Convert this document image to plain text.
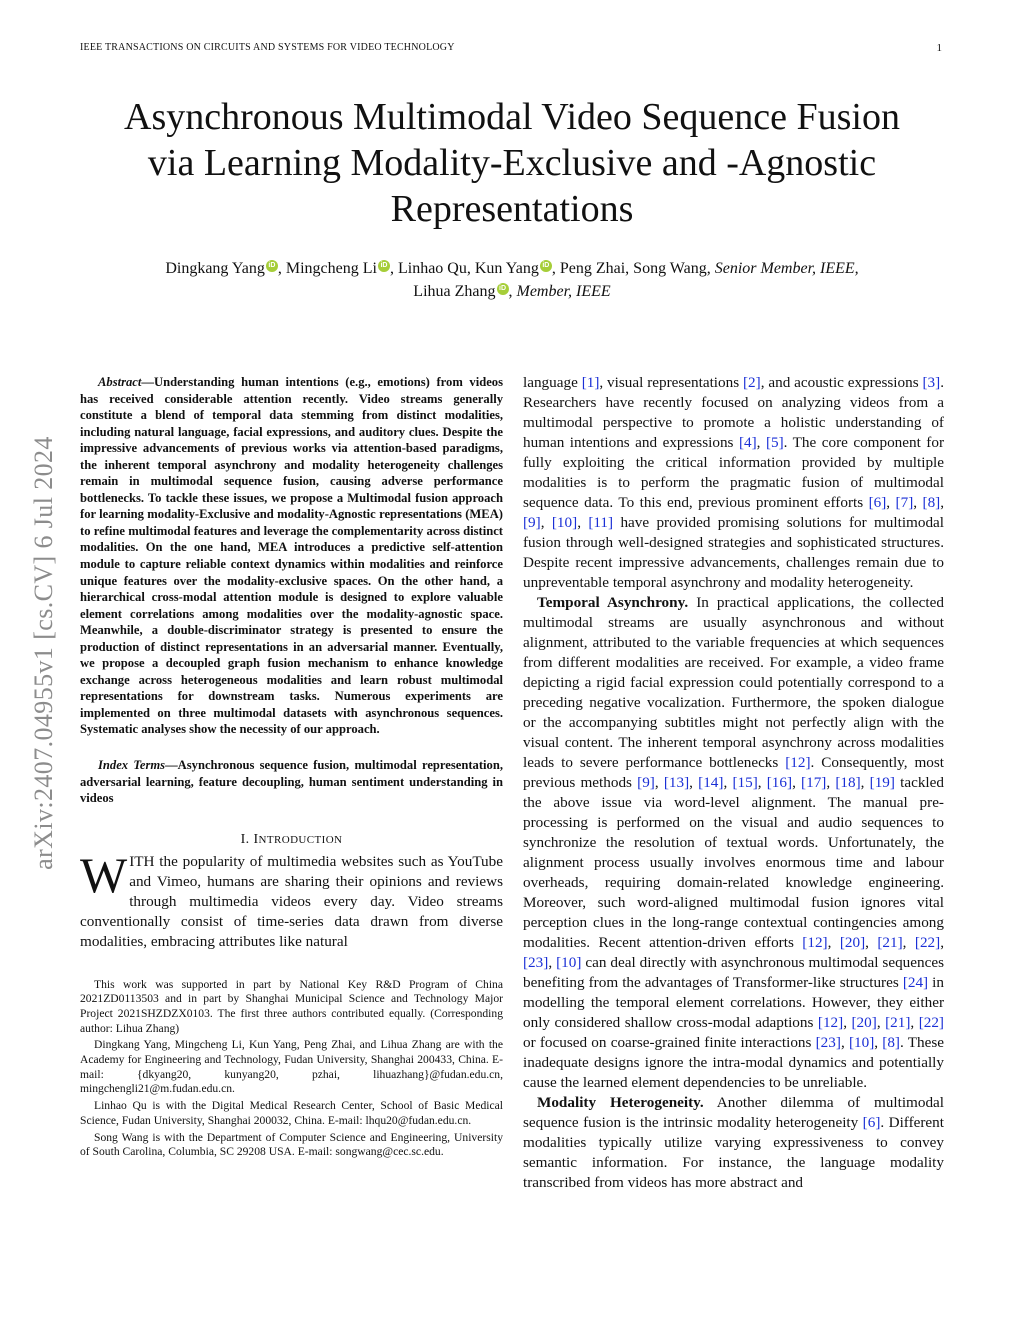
IEEE TRANSACTIONS ON CIRCUITS AND SYSTEMS FOR VIDEO TECHNOLOGY	1
arXiv:2407.04955v1 [cs.CV] 6 Jul 2024
Asynchronous Multimodal Video Sequence Fusion
via Learning Modality-Exclusive and -Agnostic
Representations
Dingkang Yang iD , Mingcheng Li iD , Linhao Qu, Kun Yang iD , Peng Zhai, Song Wang, Senior Member, IEEE,
Lihua Zhang iD , Member, IEEE

Abstract—Understanding human intentions (e.g., emotions) from videos has received considerable attention recently. Video streams generally constitute a blend of temporal data stemming from distinct modalities, including natural language, facial expressions, and auditory clues. Despite the impressive advancements of previous works via attention-based paradigms, the inherent temporal asynchrony and modality heterogeneity challenges remain in multimodal sequence fusion, causing adverse performance bottlenecks. To tackle these issues, we propose a Multimodal fusion approach for learning modality-Exclusive and modality-Agnostic representations (MEA) to refine multimodal features and leverage the complementarity across distinct modalities. On the one hand, MEA introduces a predictive self-attention module to capture reliable context dynamics within modalities and reinforce unique features over the modality-exclusive spaces. On the other hand, a hierarchical cross-modal attention module is designed to explore valuable element correlations among modalities over the modality-agnostic space. Meanwhile, a double-discriminator strategy is presented to ensure the production of distinct representations in an adversarial manner. Eventually, we propose a decoupled graph fusion mechanism to enhance knowledge exchange across heterogeneous modalities and learn robust multimodal representations for downstream tasks. Numerous experiments are implemented on three multimodal datasets with asynchronous sequences. Systematic analyses show the necessity of our approach.

Index Terms—Asynchronous sequence fusion, multimodal representation, adversarial learning, feature decoupling, human sentiment understanding in videos

I. INTRODUCTION

WITH the popularity of multimedia websites such as YouTube and Vimeo, humans are sharing their opinions and reviews through multimedia videos every day. Video streams conventionally consist of time-series data drawn from diverse modalities, embracing attributes like natural

This work was supported in part by National Key R&D Program of China 2021ZD0113503 and in part by Shanghai Municipal Science and Technology Major Project 2021SHZDZX0103. The first three authors contributed equally. (Corresponding author: Lihua Zhang)

Dingkang Yang, Mingcheng Li, Kun Yang, Peng Zhai, and Lihua Zhang are with the Academy for Engineering and Technology, Fudan University, Shanghai 200433, China. E-mail: {dkyang20, kunyang20, pzhai, lihuazhang}@fudan.edu.cn, mingchengli21@m.fudan.edu.cn.

Linhao Qu is with the Digital Medical Research Center, School of Basic Medical Science, Fudan University, Shanghai 200032, China. E-mail: lhqu20@fudan.edu.cn.

Song Wang is with the Department of Computer Science and Engineering, University of South Carolina, Columbia, SC 29208 USA. E-mail: songwang@cec.sc.edu.

language [1], visual representations [2], and acoustic expressions [3]. Researchers have recently focused on analyzing videos from a multimodal perspective to promote a holistic understanding of human intentions and expressions [4], [5]. The core component for fully exploiting the critical information provided by multiple modalities is to perform the pragmatic fusion of multimodal sequence data. To this end, previous prominent efforts [6], [7], [8], [9], [10], [11] have provided promising solutions for multimodal fusion through well-designed strategies and sophisticated structures. Despite recent impressive advancements, challenges remain due to unpreventable temporal asynchrony and modality heterogeneity.

Temporal Asynchrony. In practical applications, the collected multimodal streams are usually asynchronous and without alignment, attributed to the variable frequencies at which sequences from different modalities are received. For example, a video frame depicting a rigid facial expression could potentially correspond to a preceding negative vocalization. Furthermore, the spoken dialogue or the accompanying subtitles might not perfectly align with the visual content. The inherent temporal asynchrony across modalities leads to severe performance bottlenecks [12]. Consequently, most previous methods [9], [13], [14], [15], [16], [17], [18], [19] tackled the above issue via word-level alignment. The manual pre-processing is performed on the visual and audio sequences to synchronize the resolution of textual words. Unfortunately, the alignment process usually involves enormous time and labour overheads, requiring domain-related knowledge engineering. Moreover, such word-aligned multimodal fusion ignores vital perception clues in the long-range contextual contingencies among modalities. Recent attention-driven efforts [12], [20], [21], [22], [23], [10] can deal directly with asynchronous multimodal sequences benefiting from the advantages of Transformer-like structures [24] in modelling the temporal element correlations. However, they either only considered shallow cross-modal adaptions [12], [20], [21], [22] or focused on coarse-grained finite interactions [23], [10], [8]. These inadequate designs ignore the intra-modal dynamics and potentially cause the learned element dependencies to be unreliable.

Modality Heterogeneity. Another dilemma of multimodal sequence fusion is the intrinsic modality heterogeneity [6]. Different modalities typically utilize varying expressiveness to convey semantic information. For instance, the language modality transcribed from videos has more abstract and
